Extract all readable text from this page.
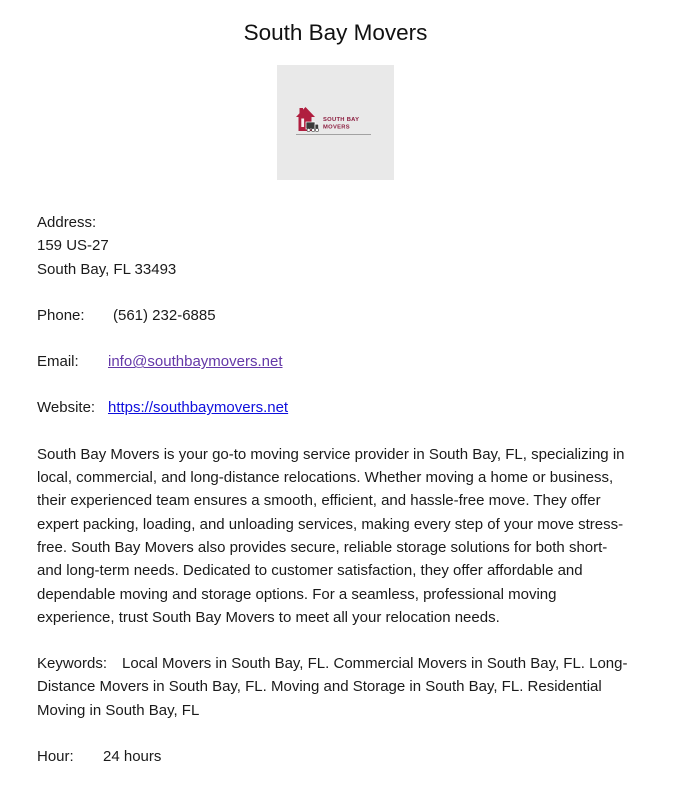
South Bay Movers
SOUTH BAY
MOVERS
Address:
159 US-27
South Bay, FL 33493
Phone: (561) 232-6885
Email: info@southbaymovers.net
Website: https://southbaymovers.net
South Bay Movers is your go-to moving service provider in South Bay, FL, specializing in local, commercial, and long-distance relocations. Whether moving a home or business, their experienced team ensures a smooth, efficient, and hassle-free move. They offer expert packing, loading, and unloading services, making every step of your move stress-free. South Bay Movers also provides secure, reliable storage solutions for both short- and long-term needs. Dedicated to customer satisfaction, they offer affordable and dependable moving and storage options. For a seamless, professional moving experience, trust South Bay Movers to meet all your relocation needs.
Keywords: Local Movers in South Bay, FL. Commercial Movers in South Bay, FL. Long-Distance Movers in South Bay, FL. Moving and Storage in South Bay, FL. Residential Moving in South Bay, FL
Hour: 24 hours
